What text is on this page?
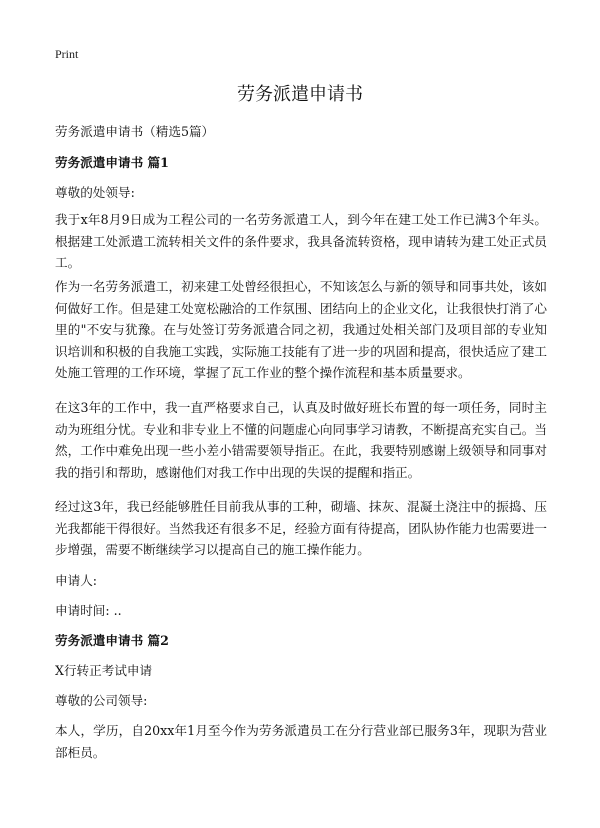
Print
劳务派遣申请书
劳务派遣申请书（精选5篇）
劳务派遣申请书 篇1
尊敬的处领导:
我于x年8月9日成为工程公司的一名劳务派遣工人，到今年在建工处工作已满3个年头。根据建工处派遣工流转相关文件的条件要求，我具备流转资格，现申请转为建工处正式员工。
作为一名劳务派遣工，初来建工处曾经很担心，不知该怎么与新的领导和同事共处，该如何做好工作。但是建工处宽松融洽的工作氛围、团结向上的企业文化，让我很快打消了心里的"不安与犹豫。在与处签订劳务派遣合同之初，我通过处相关部门及项目部的专业知识培训和积极的自我施工实践，实际施工技能有了进一步的巩固和提高，很快适应了建工处施工管理的工作环境，掌握了瓦工作业的整个操作流程和基本质量要求。
在这3年的工作中，我一直严格要求自己，认真及时做好班长布置的每一项任务，同时主动为班组分忧。专业和非专业上不懂的问题虚心向同事学习请教，不断提高充实自己。当然，工作中难免出现一些小差小错需要领导指正。在此，我要特别感谢上级领导和同事对我的指引和帮助，感谢他们对我工作中出现的失误的提醒和指正。
经过这3年，我已经能够胜任目前我从事的工种，砌墙、抹灰、混凝土浇注中的振捣、压光我都能干得很好。当然我还有很多不足，经验方面有待提高，团队协作能力也需要进一步增强，需要不断继续学习以提高自己的施工操作能力。
申请人:
申请时间: ..
劳务派遣申请书 篇2
X行转正考试申请
尊敬的公司领导:
本人，学历，自20xx年1月至今作为劳务派遣员工在分行营业部已服务3年，现职为营业部柜员。
